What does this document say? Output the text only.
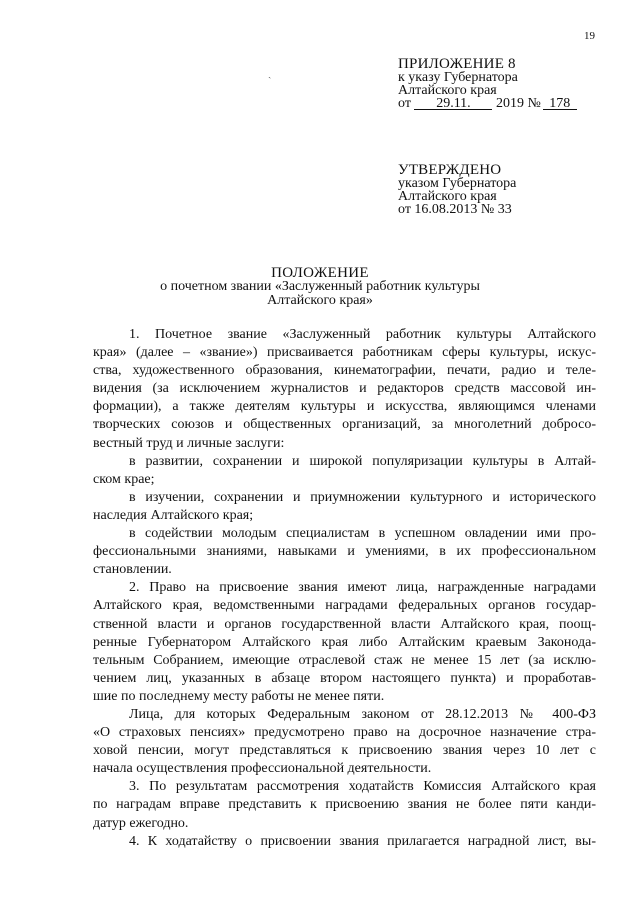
19
ˏ
ПРИЛОЖЕНИЕ 8
к указу Губернатора
Алтайского края
от 29.11. 2019 № 178
УТВЕРЖДЕНО
указом Губернатора
Алтайского края
от 16.08.2013 № 33
ПОЛОЖЕНИЕ
о почетном звании «Заслуженный работник культуры
Алтайского края»
1. Почетное звание «Заслуженный работник культуры Алтайского
края» (далее – «звание») присваивается работникам сферы культуры, искус-
ства, художественного образования, кинематографии, печати, радио и теле-
видения (за исключением журналистов и редакторов средств массовой ин-
формации), а также деятелям культуры и искусства, являющимся членами
творческих союзов и общественных организаций, за многолетний добросо-
вестный труд и личные заслуги:
в развитии, сохранении и широкой популяризации культуры в Алтай-
ском крае;
в изучении, сохранении и приумножении культурного и исторического
наследия Алтайского края;
в содействии молодым специалистам в успешном овладении ими про-
фессиональными знаниями, навыками и умениями, в их профессиональном
становлении.
2. Право на присвоение звания имеют лица, награжденные наградами
Алтайского края, ведомственными наградами федеральных органов государ-
ственной власти и органов государственной власти Алтайского края, поощ-
ренные Губернатором Алтайского края либо Алтайским краевым Законода-
тельным Собранием, имеющие отраслевой стаж не менее 15 лет (за исклю-
чением лиц, указанных в абзаце втором настоящего пункта) и проработав-
шие по последнему месту работы не менее пяти.
Лица, для которых Федеральным законом от 28.12.2013 № 400-ФЗ
«О страховых пенсиях» предусмотрено право на досрочное назначение стра-
ховой пенсии, могут представляться к присвоению звания через 10 лет с
начала осуществления профессиональной деятельности.
3. По результатам рассмотрения ходатайств Комиссия Алтайского края
по наградам вправе представить к присвоению звания не более пяти канди-
датур ежегодно.
4. К ходатайству о присвоении звания прилагается наградной лист, вы-
